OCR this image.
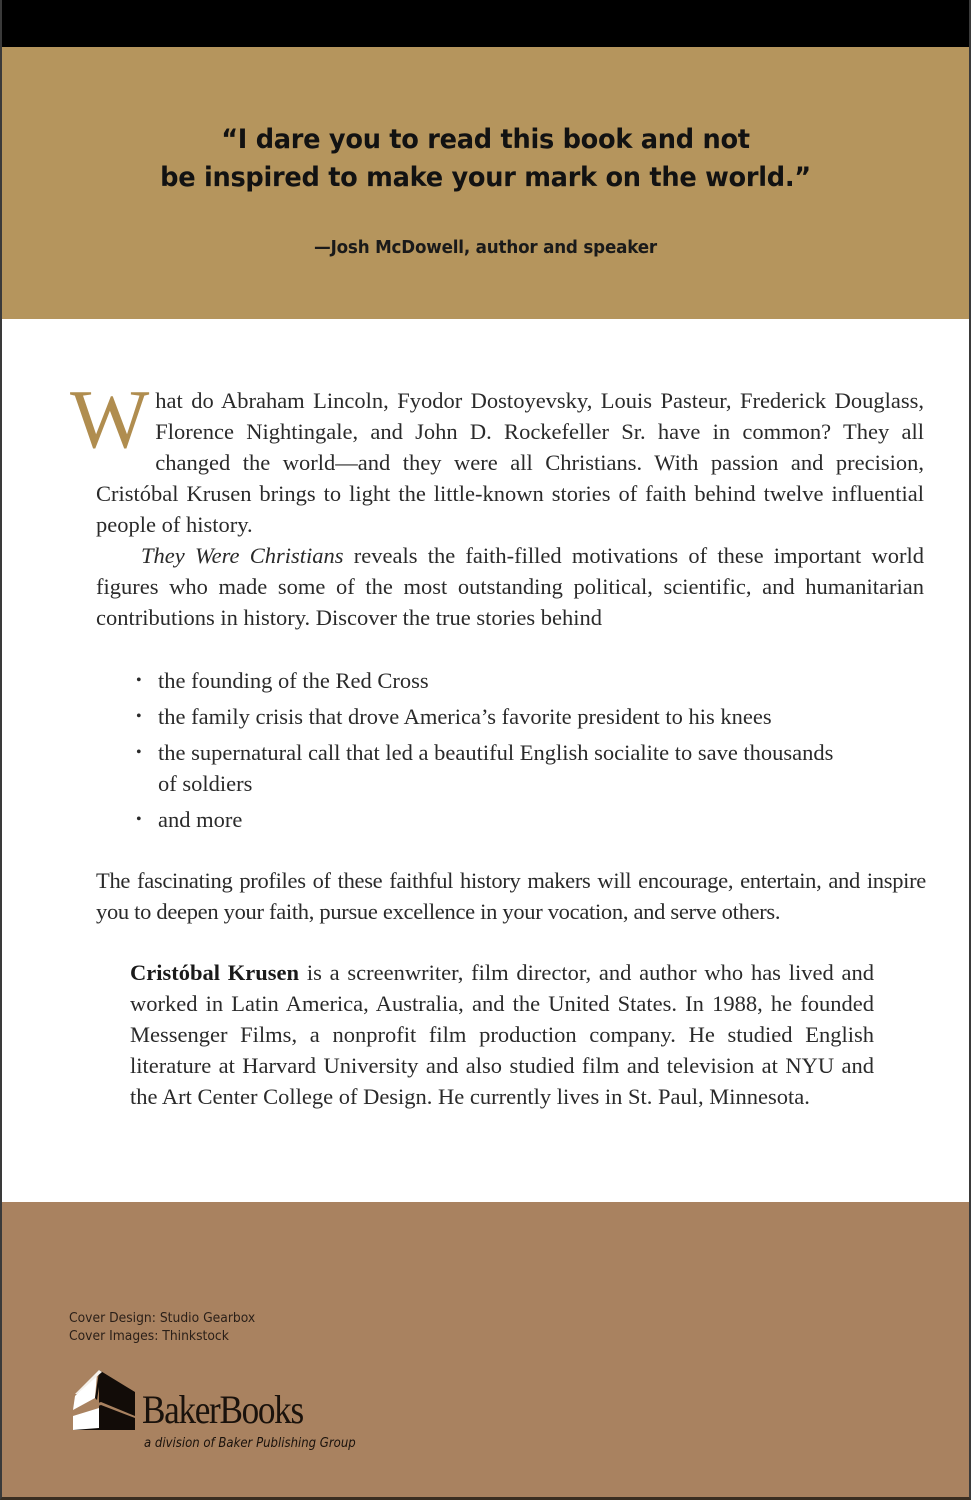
“I dare you to read this book and not
be inspired to make your mark on the world.”
—Josh McDowell, author and speaker

What do Abraham Lincoln, Fyodor Dostoyevsky, Louis Pasteur, Frederick Douglass, Florence Nightingale, and John D. Rockefeller Sr. have in common? They all changed the world—and they were all Christians. With passion and precision, Cristóbal Krusen brings to light the little-known stories of faith behind twelve influential people of history.

They Were Christians reveals the faith-filled motivations of these important world figures who made some of the most outstanding political, scientific, and humanitarian contributions in history. Discover the true stories behind

• the founding of the Red Cross
• the family crisis that drove America’s favorite president to his knees
• the supernatural call that led a beautiful English socialite to save thousands of soldiers
• and more

The fascinating profiles of these faithful history makers will encourage, entertain, and inspire you to deepen your faith, pursue excellence in your vocation, and serve others.

Cristóbal Krusen is a screenwriter, film director, and author who has lived and worked in Latin America, Australia, and the United States. In 1988, he founded Messenger Films, a nonprofit film production company. He studied English literature at Harvard University and also studied film and television at NYU and the Art Center College of Design. He currently lives in St. Paul, Minnesota.

Cover Design: Studio Gearbox
Cover Images: Thinkstock
BakerBooks
a division of Baker Publishing Group
